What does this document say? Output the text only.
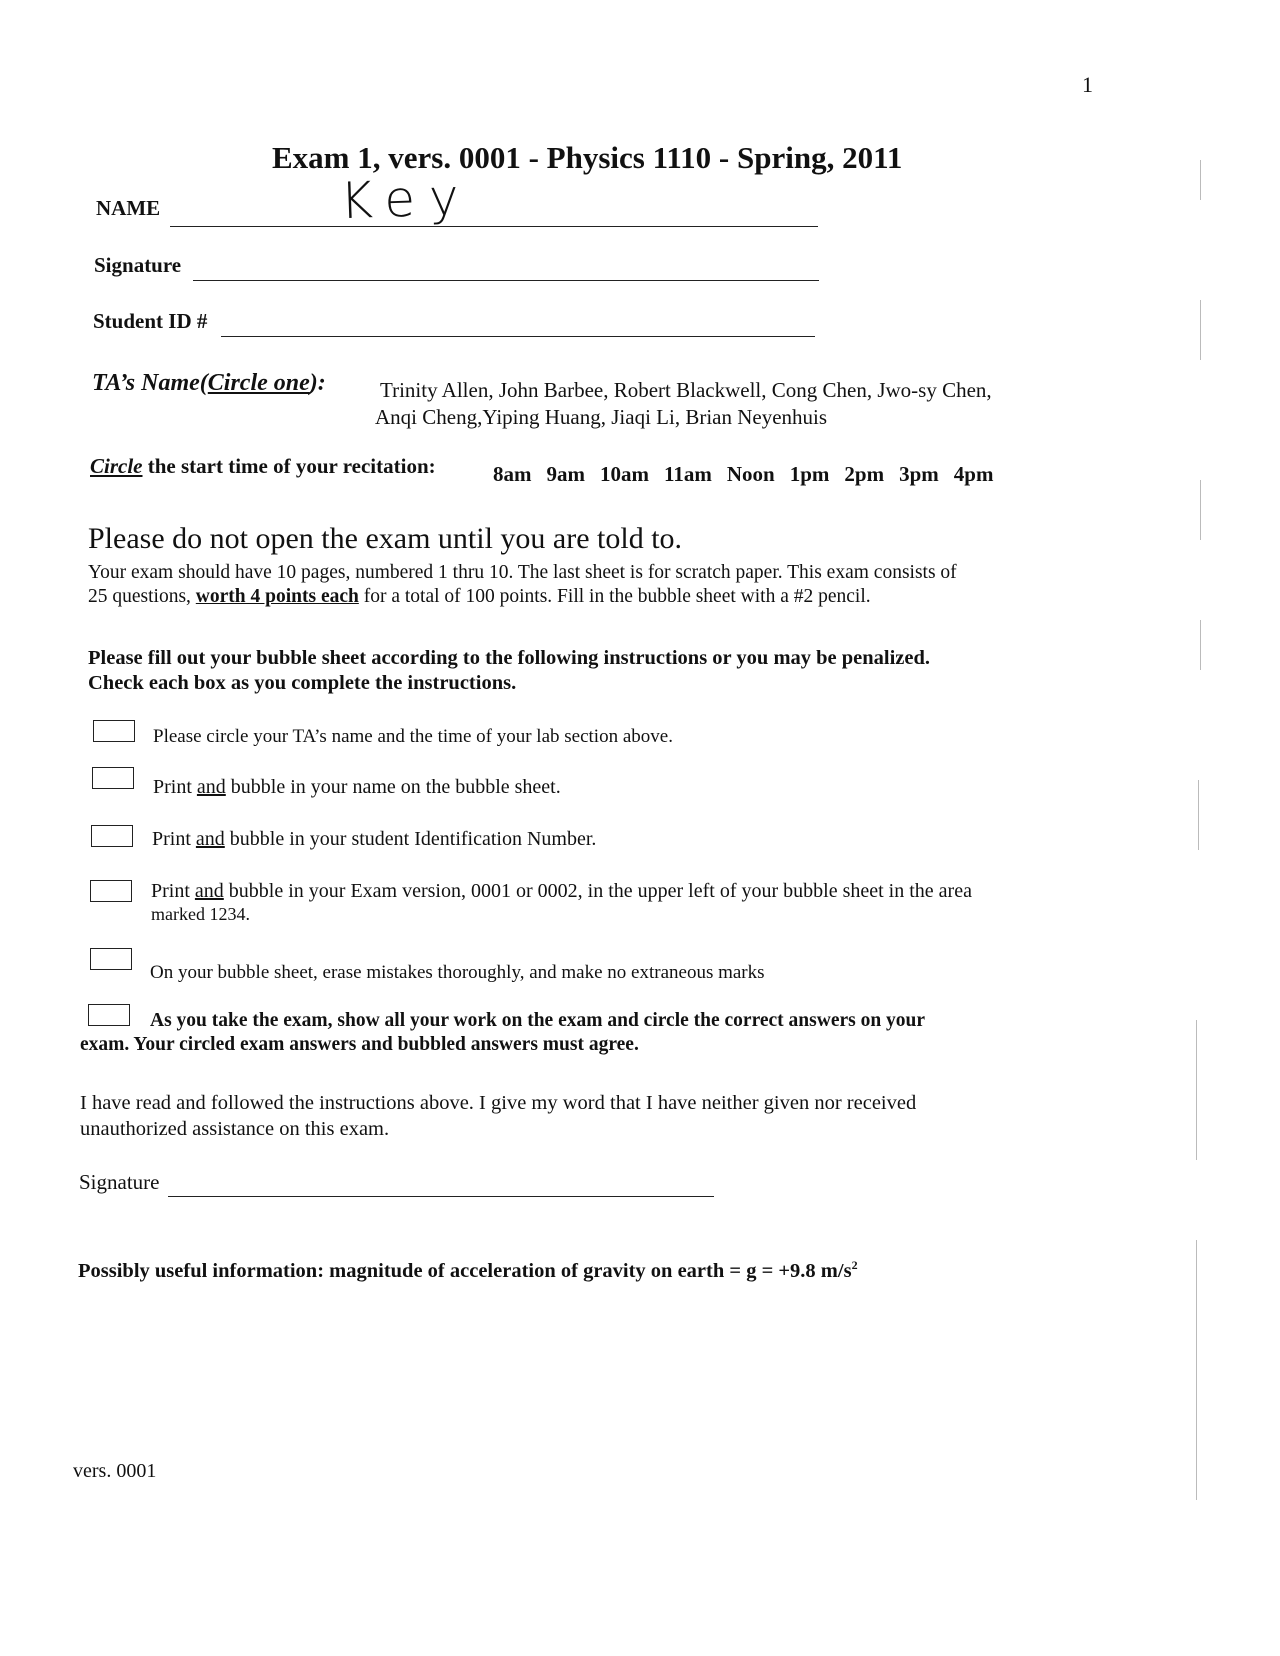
1
Exam 1, vers. 0001 - Physics 1110 - Spring, 2011
NAME	Key
Signature
Student ID #
TA’s Name(Circle one):	Trinity Allen, John Barbee, Robert Blackwell, Cong Chen, Jwo-sy Chen,
Anqi Cheng,Yiping Huang, Jiaqi Li, Brian Neyenhuis
Circle the start time of your recitation:	8am 9am 10am 11am Noon 1pm 2pm 3pm 4pm
Please do not open the exam until you are told to.
Your exam should have 10 pages, numbered 1 thru 10. The last sheet is for scratch paper. This exam consists of
25 questions, worth 4 points each for a total of 100 points. Fill in the bubble sheet with a #2 pencil.
Please fill out your bubble sheet according to the following instructions or you may be penalized.
Check each box as you complete the instructions.
Please circle your TA’s name and the time of your lab section above.
Print and bubble in your name on the bubble sheet.
Print and bubble in your student Identification Number.
Print and bubble in your Exam version, 0001 or 0002, in the upper left of your bubble sheet in the area
marked 1234.
On your bubble sheet, erase mistakes thoroughly, and make no extraneous marks
As you take the exam, show all your work on the exam and circle the correct answers on your
exam. Your circled exam answers and bubbled answers must agree.
I have read and followed the instructions above. I give my word that I have neither given nor received
unauthorized assistance on this exam.
Signature
Possibly useful information: magnitude of acceleration of gravity on earth = g = +9.8 $m/s^2$
vers. 0001
